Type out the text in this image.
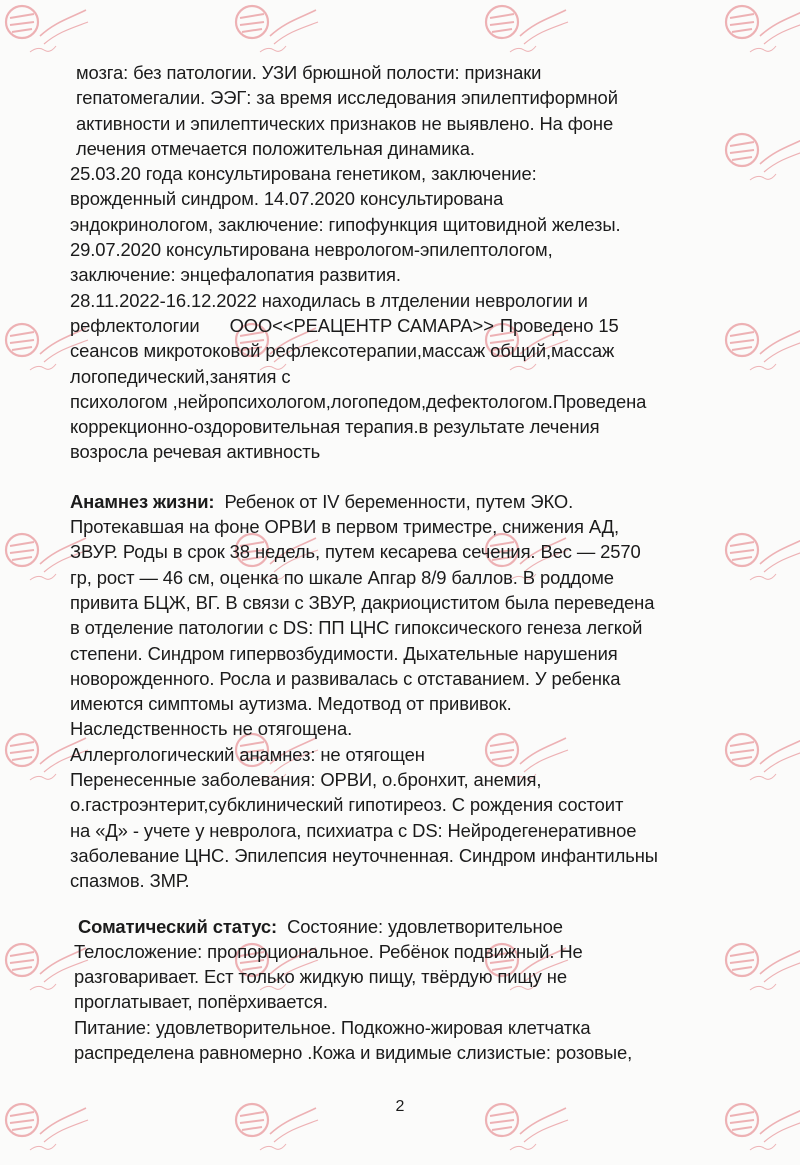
мозга: без патологии. УЗИ брюшной полости: признаки
гепатомегалии. ЭЭГ: за время исследования эпилептиформной
активности и эпилептических признаков не выявлено. На фоне
лечения отмечается положительная динамика.
25.03.20 года консультирована генетиком, заключение:
врожденный синдром. 14.07.2020 консультирована
эндокринологом, заключение: гипофункция щитовидной железы.
29.07.2020 консультирована неврологом-эпилептологом,
заключение: энцефалопатия развития.
28.11.2022-16.12.2022 находилась в лтделении неврологии и
рефлектологии ООО<<РЕАЦЕНТР САМАРА>> Проведено 15
сеансов микротоковой рефлексотерапии,массаж общий,массаж
логопедический,занятия с
психологом ,нейропсихологом,логопедом,дефектологом.Проведена
коррекционно-оздоровительная терапия.в результате лечения
возросла речевая активность
Анамнез жизни: Ребенок от IV беременности, путем ЭКО.
Протекавшая на фоне ОРВИ в первом триместре, снижения АД,
ЗВУР. Роды в срок 38 недель, путем кесарева сечения. Вес — 2570
гр, рост — 46 см, оценка по шкале Апгар 8/9 баллов. В роддоме
привита БЦЖ, ВГ. В связи с ЗВУР, дакриоциститом была переведена
в отделение патологии с DS: ПП ЦНС гипоксического генеза легкой
степени. Синдром гипервозбудимости. Дыхательные нарушения
новорожденного. Росла и развивалась с отставанием. У ребенка
имеются симптомы аутизма. Медотвод от прививок.
Наследственность не отягощена.
Аллергологический анамнез: не отягощен
Перенесенные заболевания: ОРВИ, о.бронхит, анемия,
о.гастроэнтерит,субклинический гипотиреоз. С рождения состоит
на «Д» - учете у невролога, психиатра с DS: Нейродегенеративное
заболевание ЦНС. Эпилепсия неуточненная. Синдром инфантильны
спазмов. ЗМР.
Соматический статус: Состояние: удовлетворительное
Телосложение: пропорциональное. Ребёнок подвижный. Не
разговаривает. Ест только жидкую пищу, твёрдую пищу не
проглатывает, попёрхивается.
Питание: удовлетворительное. Подкожно-жировая клетчатка
распределена равномерно .Кожа и видимые слизистые: розовые,
2
